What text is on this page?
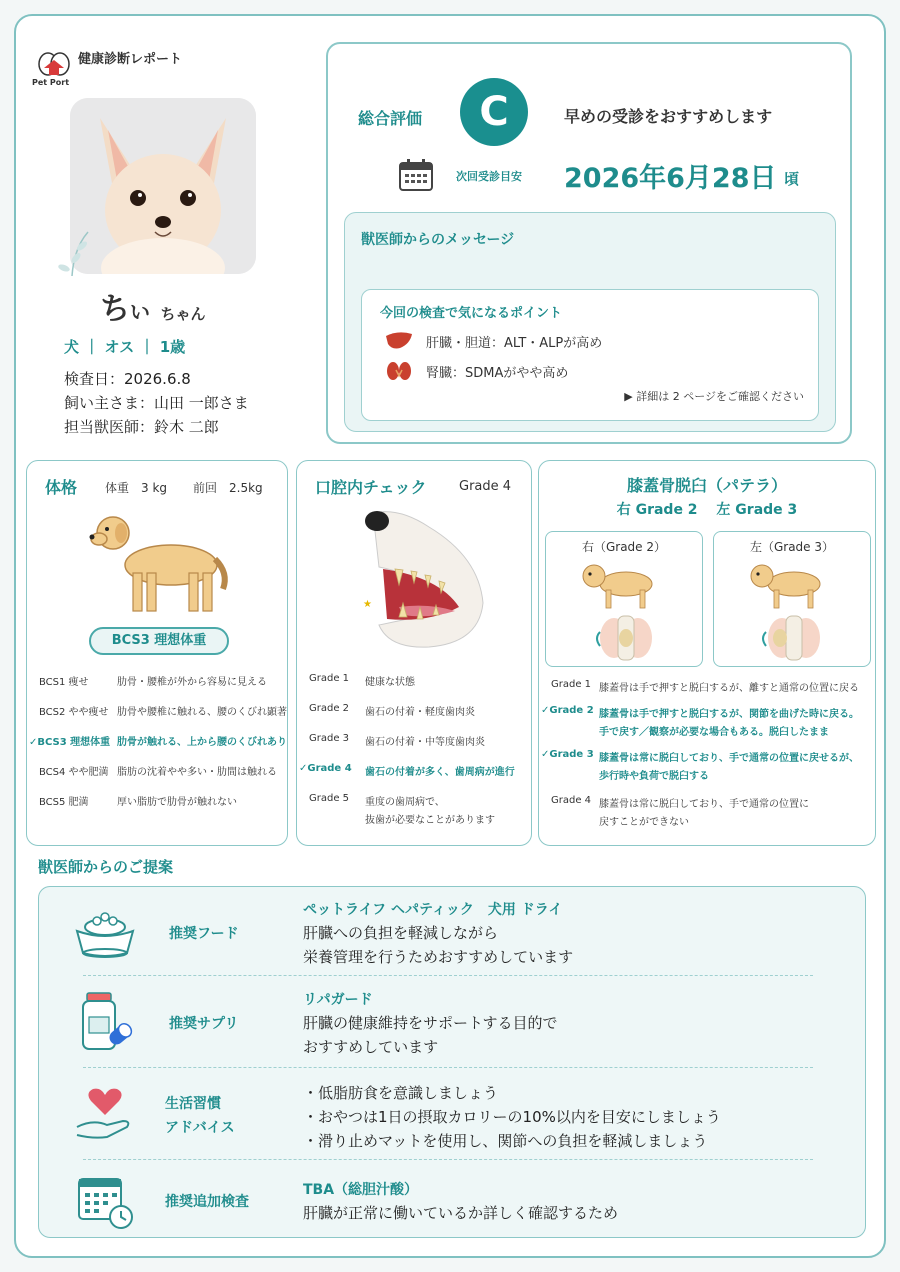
Pet Port
健康診断レポート
ちい ちゃん
犬 ｜ オス ｜ 1歳
検査日：2026.6.8
飼い主さま：山田 一郎さま
担当獣医師：鈴木 二郎
総合評価	C	早めの受診をおすすめします
次回受診目安 2026年6月28日 頃
獣医師からのメッセージ
今回の検査で気になるポイント
肝臓・胆道：ALT・ALPが高め
腎臓：SDMAがやや高め
▶ 詳細は 2 ページをご確認ください
体格 体重　3 kg 前回　2.5kg
BCS3 理想体重
BCS1 痩せ	肋骨・腰椎が外から容易に見える
BCS2 やや痩せ 肋骨や腰椎に触れる、腰のくびれ顕著
✓BCS3 理想体重 肋骨が触れる、上から腰のくびれあり
BCS4 やや肥満 脂肪の沈着やや多い・肋間は触れる
BCS5 肥満	厚い脂肪で肋骨が触れない
口腔内チェック Grade 4
★
Grade 1 健康な状態
Grade 2 歯石の付着・軽度歯肉炎
Grade 3 歯石の付着・中等度歯肉炎
✓Grade 4 歯石の付着が多く、歯周病が進行
Grade 5 重度の歯周病で、
抜歯が必要なことがあります
膝蓋骨脱臼（パテラ）
右 Grade 2　 左 Grade 3
右（Grade 2）	左（Grade 3）
Grade 1 膝蓋骨は手で押すと脱臼するが、離すと通常の位置に戻る
✓Grade 2 膝蓋骨は手で押すと脱臼するが、関節を曲げた時に戻る。
手で戻す／観察が必要な場合もある。脱臼したまま
✓Grade 3 膝蓋骨は常に脱臼しており、手で通常の位置に戻せるが、
歩行時や負荷で脱臼する
Grade 4 膝蓋骨は常に脱臼しており、手で通常の位置に
戻すことができない
獣医師からのご提案
推奨フード
ペットライフ ヘパティック　犬用 ドライ
肝臓への負担を軽減しながら
栄養管理を行うためおすすめしています
推奨サプリ
リパガード
肝臓の健康維持をサポートする目的で
おすすめしています
生活習慣
アドバイス
・低脂肪食を意識しましょう
・おやつは1日の摂取カロリーの10%以内を目安にしましょう
・滑り止めマットを使用し、関節への負担を軽減しましょう
推奨追加検査
TBA（総胆汁酸）
肝臓が正常に働いているか詳しく確認するため
